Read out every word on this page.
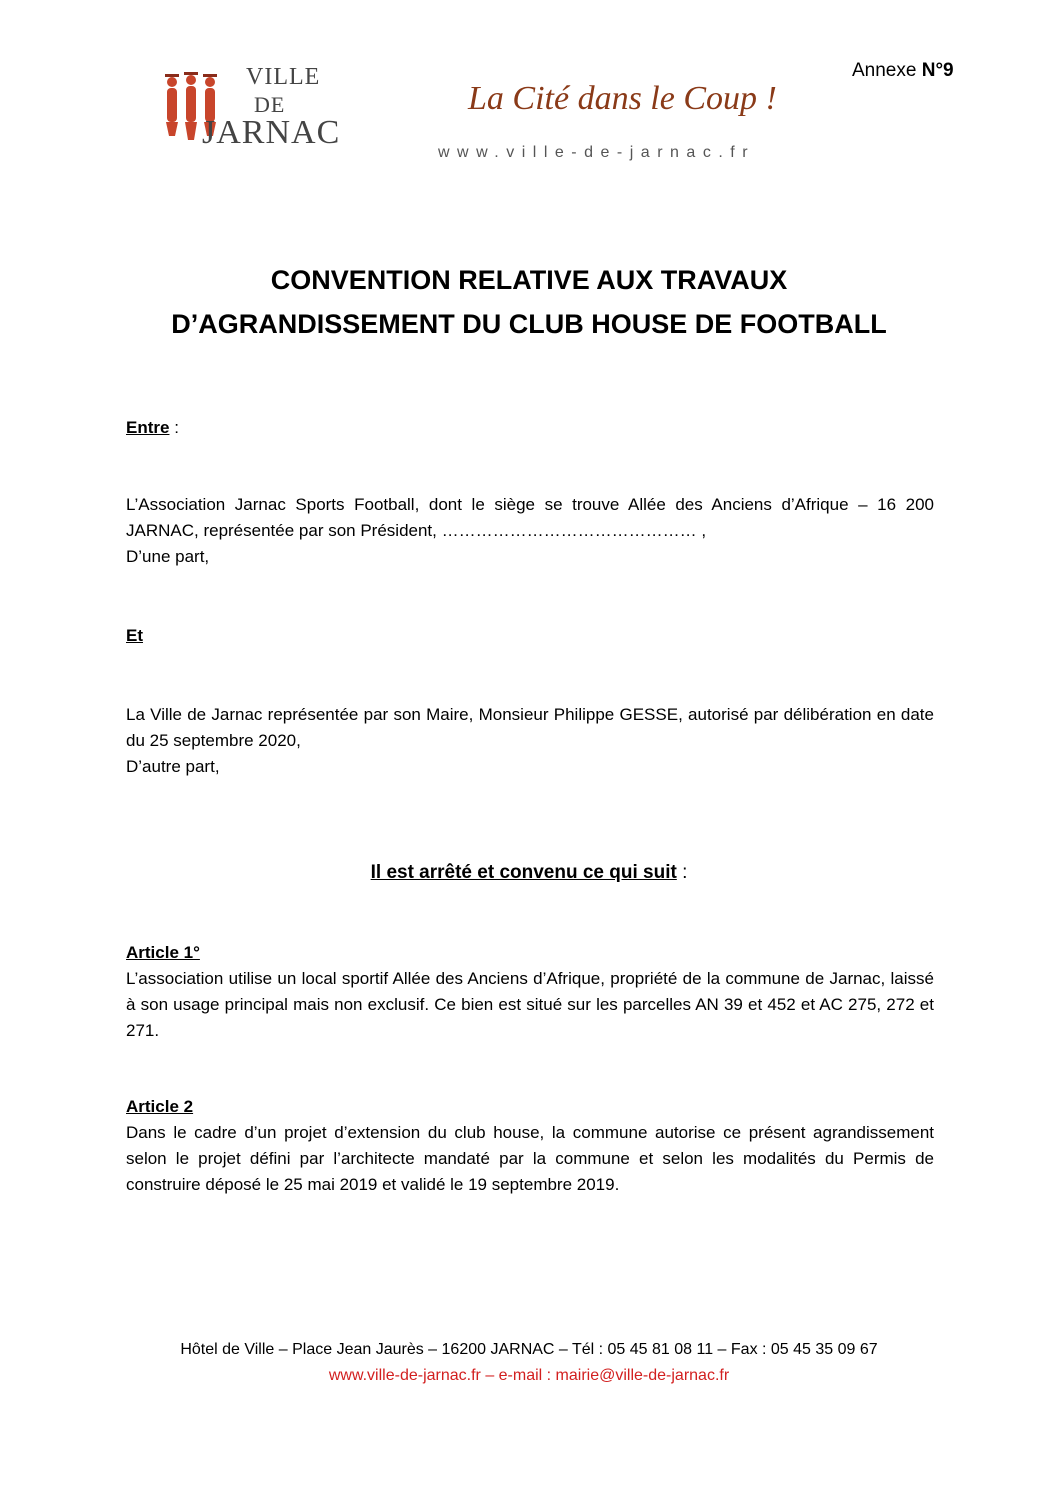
VILLE
DE
JARNAC
La Cité dans le Coup !
www.ville-de-jarnac.fr
Annexe N°9
CONVENTION RELATIVE AUX TRAVAUX
D’AGRANDISSEMENT DU CLUB HOUSE DE FOOTBALL
Entre :
L’Association Jarnac Sports Football, dont le siège se trouve Allée des Anciens d’Afrique – 16 200 JARNAC, représentée par son Président, ……………………………………… ,
D’une part,
Et
La Ville de Jarnac représentée par son Maire, Monsieur Philippe GESSE, autorisé par délibération en date du 25 septembre 2020,
D’autre part,
Il est arrêté et convenu ce qui suit :
Article 1°
L’association utilise un local sportif Allée des Anciens d’Afrique, propriété de la commune de Jarnac, laissé à son usage principal mais non exclusif. Ce bien est situé sur les parcelles AN 39 et 452 et AC 275, 272 et 271.
Article 2
Dans le cadre d’un projet d’extension du club house, la commune autorise ce présent agrandissement selon le projet défini par l’architecte mandaté par la commune et selon les modalités du Permis de construire déposé le 25 mai 2019 et validé le 19 septembre 2019.
Hôtel de Ville – Place Jean Jaurès – 16200 JARNAC – Tél : 05 45 81 08 11 – Fax : 05 45 35 09 67
www.ville-de-jarnac.fr – e-mail : mairie@ville-de-jarnac.fr
